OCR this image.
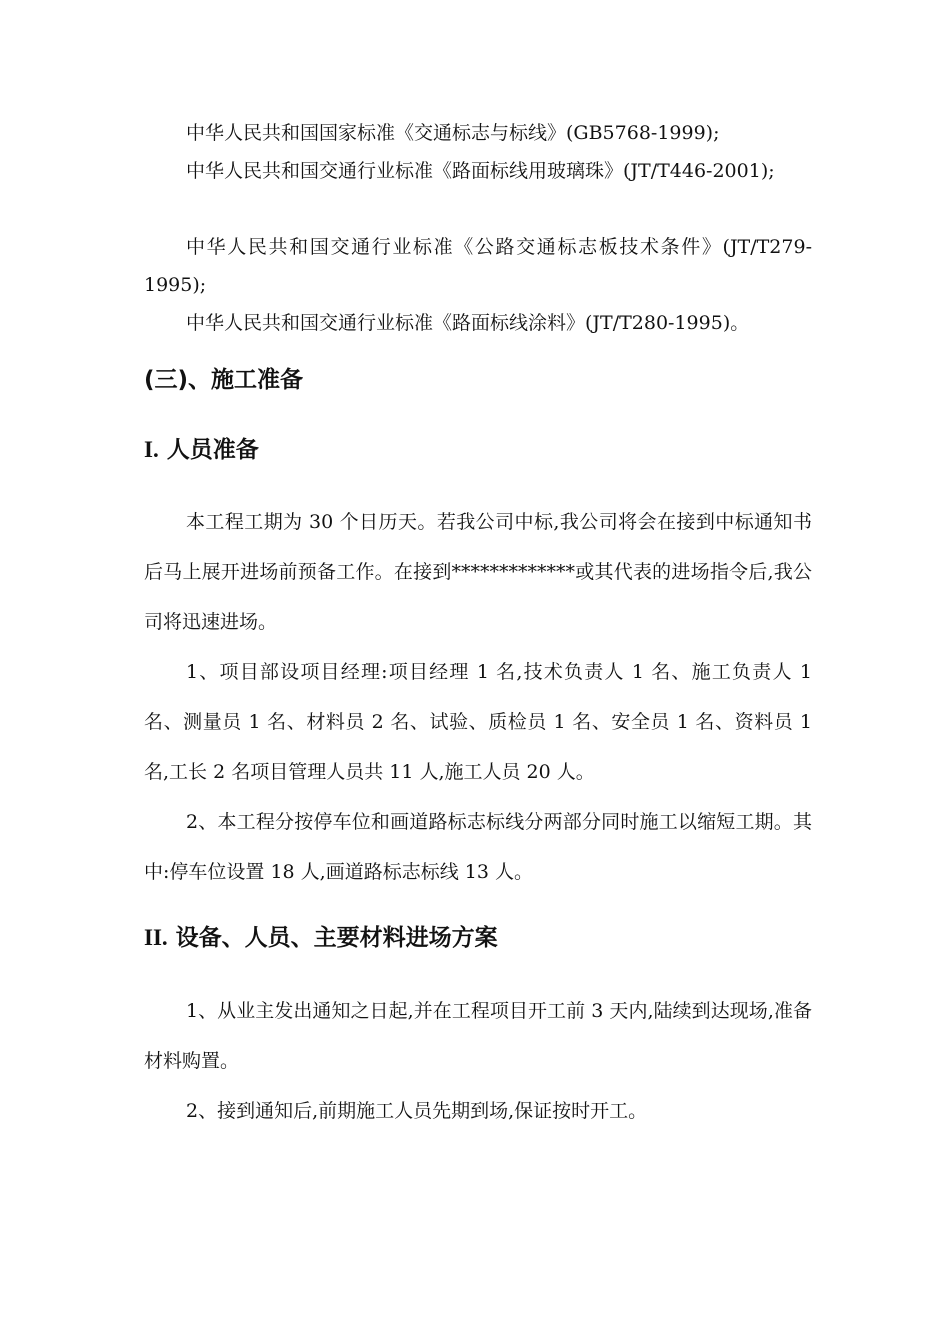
中华人民共和国国家标准《交通标志与标线》(GB5768-1999);

中华人民共和国交通行业标准《路面标线用玻璃珠》(JT/T446-2001);

中华人民共和国交通行业标准《公路交通标志板技术条件》(JT/T279-1995);

中华人民共和国交通行业标准《路面标线涂料》(JT/T280-1995)。

(三)、施工准备
I. 人员准备

本工程工期为 30 个日历天。若我公司中标,我公司将会在接到中标通知书后马上展开进场前预备工作。在接到*************或其代表的进场指令后,我公司将迅速进场。

1、项目部设项目经理:项目经理 1 名,技术负责人 1 名、施工负责人 1 名、测量员 1 名、材料员 2 名、试验、质检员 1 名、安全员 1 名、资料员 1 名,工长 2 名项目管理人员共 11 人,施工人员 20 人。

2、本工程分按停车位和画道路标志标线分两部分同时施工以缩短工期。其中:停车位设置 18 人,画道路标志标线 13 人。

II. 设备、人员、主要材料进场方案

1、从业主发出通知之日起,并在工程项目开工前 3 天内,陆续到达现场,准备材料购置。

2、接到通知后,前期施工人员先期到场,保证按时开工。
